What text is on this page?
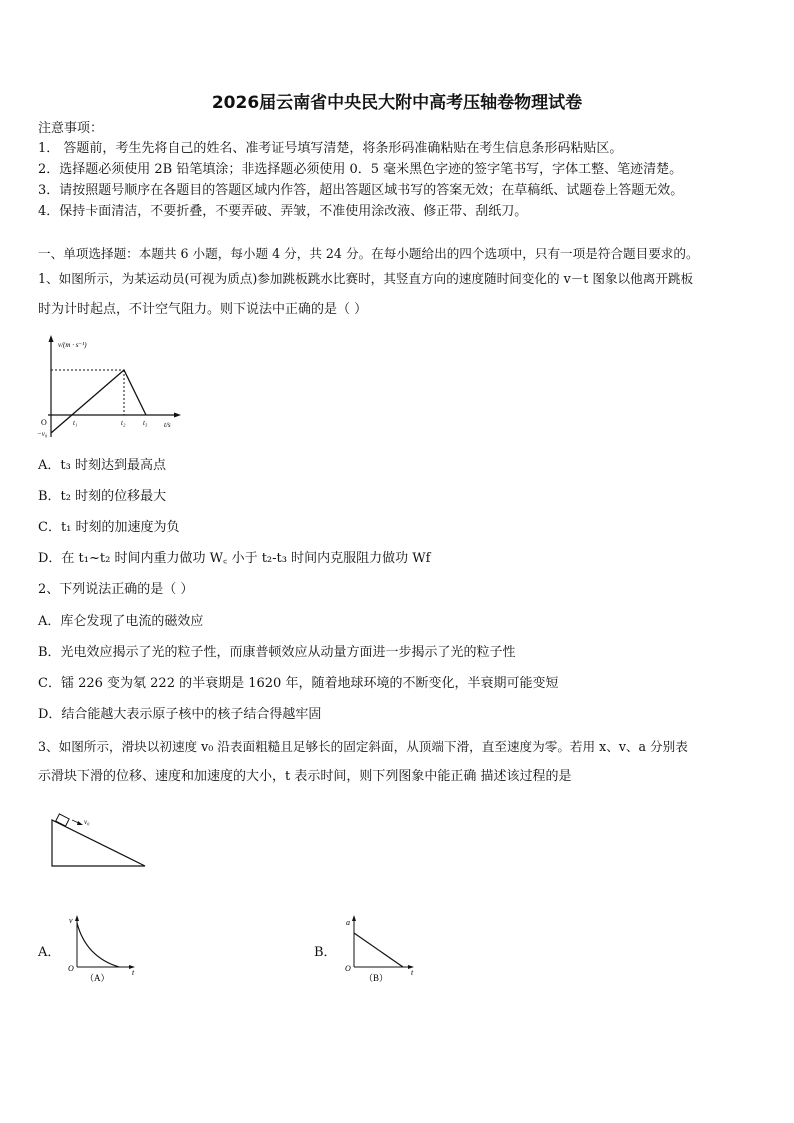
2026届云南省中央民大附中高考压轴卷物理试卷
注意事项：
1． 答题前，考生先将自己的姓名、准考证号填写清楚，将条形码准确粘贴在考生信息条形码粘贴区。
2．选择题必须使用 2B 铅笔填涂；非选择题必须使用 0．5 毫米黑色字迹的签字笔书写，字体工整、笔迹清楚。
3．请按照题号顺序在各题目的答题区域内作答，超出答题区域书写的答案无效；在草稿纸、试题卷上答题无效。
4．保持卡面清洁，不要折叠，不要弄破、弄皱，不准使用涂改液、修正带、刮纸刀。
一、单项选择题：本题共 6 小题，每小题 4 分，共 24 分。在每小题给出的四个选项中，只有一项是符合题目要求的。
1、如图所示，为某运动员(可视为质点)参加跳板跳水比赛时，其竖直方向的速度随时间变化的 v－t 图象以他离开跳板
时为计时起点，不计空气阻力。则下说法中正确的是（ ）
v/(m · s⁻¹)
O
−v₀
t₁	t₂	t₃ t/s
A．t₃ 时刻达到最高点
B．t₂ 时刻的位移最大
C．t₁ 时刻的加速度为负
D．在 t₁~t₂ 时间内重力做功 W꜀ 小于 t₂-t₃ 时间内克服阻力做功 Wf
2、下列说法正确的是（ ）
A．库仑发现了电流的磁效应
B．光电效应揭示了光的粒子性，而康普顿效应从动量方面进一步揭示了光的粒子性
C．镭 226 变为氡 222 的半衰期是 1620 年，随着地球环境的不断变化，半衰期可能变短
D．结合能越大表示原子核中的核子结合得越牢固
3、如图所示，滑块以初速度 v₀ 沿表面粗糙且足够长的固定斜面，从顶端下滑，直至速度为零。若用 x、v、a 分别表
示滑块下滑的位移、速度和加速度的大小，t 表示时间，则下列图象中能正确 描述该过程的是
v₀
A．
v
O	t
（A）
B．
a
O	t
（B）
